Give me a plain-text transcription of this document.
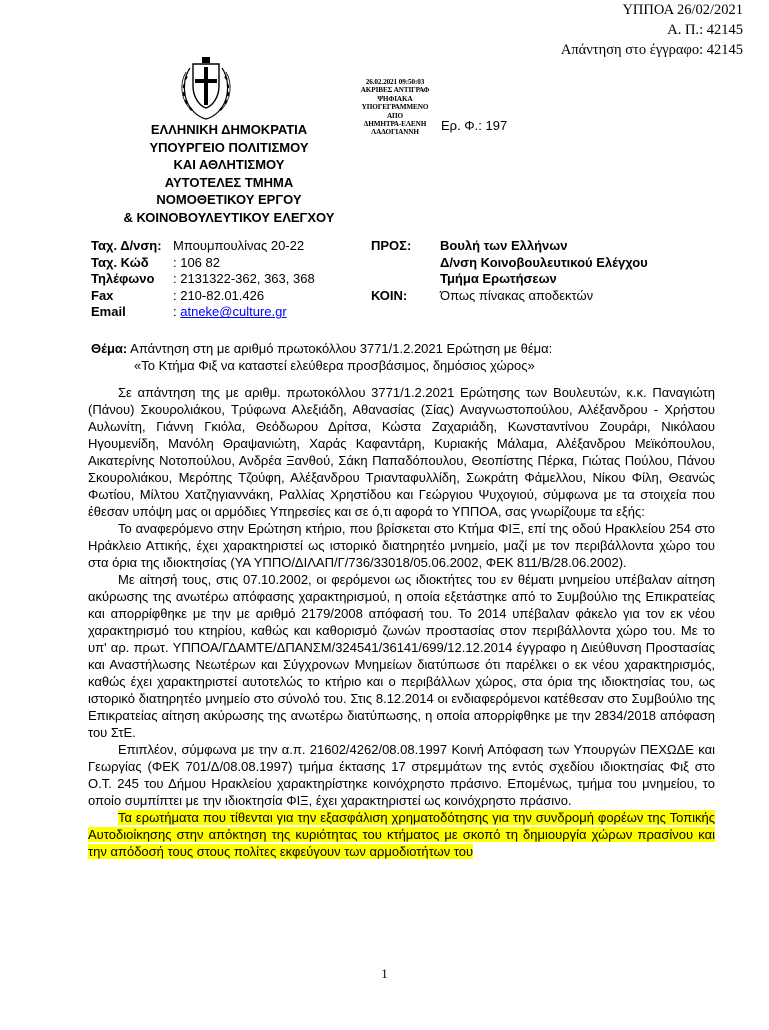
ΥΠΠΟΑ 26/02/2021
Α. Π.: 42145
Απάντηση στο έγγραφο: 42145
26.02.2021 09:50:03
ΑΚΡΙΒΕΣ ΑΝΤΙΓΡΑΦ
ΨΗΦΙΑΚΑ
ΥΠΟΓΕΓΡΑΜΜΕΝΟ
ΑΠΟ
ΔΗΜΗΤΡΑ-ΕΛΕΝΗ
ΛΑΔΟΓΙΑΝΝΗ	Ερ. Φ.: 197
ΕΛΛΗΝΙΚΗ ΔΗΜΟΚΡΑΤΙΑ
ΥΠΟΥΡΓΕΙΟ ΠΟΛΙΤΙΣΜΟΥ
ΚΑΙ ΑΘΛΗΤΙΣΜΟΥ
ΑΥΤΟΤΕΛΕΣ ΤΜΗΜΑ
ΝΟΜΟΘΕΤΙΚΟΥ ΕΡΓΟΥ
& ΚΟΙΝΟΒΟΥΛΕΥΤΙΚΟΥ ΕΛΕΓΧΟΥ
Ταχ. Δ/νση: Μπουμπουλίνας 20-22
Ταχ. Κώδ : 106 82
Τηλέφωνο : 2131322-362, 363, 368
Fax	: 210-82.01.426
Email	: atneke@culture.gr
ΠΡΟΣ: Βουλή των Ελλήνων
Δ/νση Κοινοβουλευτικού Ελέγχου
Τμήμα Ερωτήσεων
ΚΟΙΝ:	Όπως πίνακας αποδεκτών
Θέμα: Απάντηση στη με αριθμό πρωτοκόλλου 3771/1.2.2021 Ερώτηση με θέμα:
«Το Κτήμα Φιξ να καταστεί ελεύθερα προσβάσιμος, δημόσιος χώρος»

Σε απάντηση της με αριθμ. πρωτοκόλλου 3771/1.2.2021 Ερώτησης των Βουλευτών, κ.κ. Παναγιώτη (Πάνου) Σκουρολιάκου, Τρύφωνα Αλεξιάδη, Αθανασίας (Σίας) Αναγνωστοπούλου, Αλέξανδρου - Χρήστου Αυλωνίτη, Γιάννη Γκιόλα, Θεόδωρου Δρίτσα, Κώστα Ζαχαριάδη, Κωνσταντίνου Ζουράρι, Νικόλαου Ηγουμενίδη, Μανόλη Θραψανιώτη, Χαράς Καφαντάρη, Κυριακής Μάλαμα, Αλέξανδρου Μεϊκόπουλου, Αικατερίνης Νοτοπούλου, Ανδρέα Ξανθού, Σάκη Παπαδόπουλου, Θεοπίστης Πέρκα, Γιώτας Πούλου, Πάνου Σκουρολιάκου, Μερόπης Τζούφη, Αλέξανδρου Τριανταφυλλίδη, Σωκράτη Φάμελλου, Νίκου Φίλη, Θεανώς Φωτίου, Μίλτου Χατζηγιαννάκη, Ραλλίας Χρηστίδου και Γεώργιου Ψυχογιού, σύμφωνα με τα στοιχεία που έθεσαν υπόψη μας οι αρμόδιες Υπηρεσίες και σε ό,τι αφορά το ΥΠΠΟΑ, σας γνωρίζουμε τα εξής:

Το αναφερόμενο στην Ερώτηση κτήριο, που βρίσκεται στο Κτήμα ΦΙΞ, επί της οδού Ηρακλείου 254 στο Ηράκλειο Αττικής, έχει χαρακτηριστεί ως ιστορικό διατηρητέο μνημείο, μαζί με τον περιβάλλοντα χώρο του στα όρια της ιδιοκτησίας (ΥΑ ΥΠΠΟ/ΔΙΛΑΠ/Γ/736/33018/05.06.2002, ΦΕΚ 811/Β/28.06.2002).

Με αίτησή τους, στις 07.10.2002, οι φερόμενοι ως ιδιοκτήτες του εν θέματι μνημείου υπέβαλαν αίτηση ακύρωσης της ανωτέρω απόφασης χαρακτηρισμού, η οποία εξετάστηκε από το Συμβούλιο της Επικρατείας και απορρίφθηκε με την με αριθμό 2179/2008 απόφασή του. Το 2014 υπέβαλαν φάκελο για τον εκ νέου χαρακτηρισμό του κτηρίου, καθώς και καθορισμό ζωνών προστασίας στον περιβάλλοντα χώρο του. Με το υπ' αρ. πρωτ. ΥΠΠΟΑ/ΓΔΑΜΤΕ/ΔΠΑΝΣΜ/324541/36141/699/12.12.2014 έγγραφο η Διεύθυνση Προστασίας και Αναστήλωσης Νεωτέρων και Σύγχρονων Μνημείων διατύπωσε ότι παρέλκει ο εκ νέου χαρακτηρισμός, καθώς έχει χαρακτηριστεί αυτοτελώς το κτήριο και ο περιβάλλων χώρος, στα όρια της ιδιοκτησίας του, ως ιστορικό διατηρητέο μνημείο στο σύνολό του. Στις 8.12.2014 οι ενδιαφερόμενοι κατέθεσαν στο Συμβούλιο της Επικρατείας αίτηση ακύρωσης της ανωτέρω διατύπωσης, η οποία απορρίφθηκε με την 2834/2018 απόφαση του ΣτΕ.

Επιπλέον, σύμφωνα με την α.π. 21602/4262/08.08.1997 Κοινή Απόφαση των Υπουργών ΠΕΧΩΔΕ και Γεωργίας (ΦΕΚ 701/Δ/08.08.1997) τμήμα έκτασης 17 στρεμμάτων της εντός σχεδίου ιδιοκτησίας Φιξ στο Ο.Τ. 245 του Δήμου Ηρακλείου χαρακτηρίστηκε κοινόχρηστο πράσινο. Επομένως, τμήμα του μνημείου, το οποίο συμπίπτει με την ιδιοκτησία ΦΙΞ, έχει χαρακτηριστεί ως κοινόχρηστο πράσινο.

Τα ερωτήματα που τίθενται για την εξασφάλιση χρηματοδότησης για την συνδρομή φορέων της Τοπικής Αυτοδιοίκησης στην απόκτηση της κυριότητας του κτήματος με σκοπό τη δημιουργία χώρων πρασίνου και την απόδοσή τους στους πολίτες εκφεύγουν των αρμοδιοτήτων του

1
